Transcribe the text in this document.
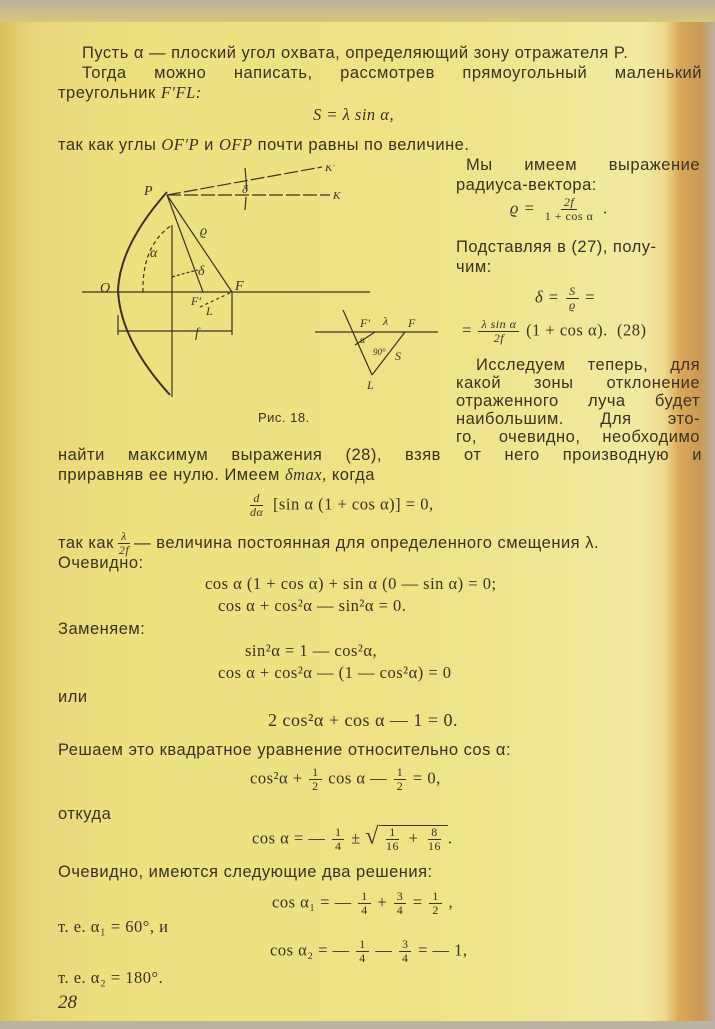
Пусть α — плоский угол охвата, определяющий зону отражателя P.
Тогда можно написать, рассмотрев прямоугольный маленький
треугольник F′FL:
S = λ sin α,
так как углы OF′P и OFP почти равны по величине.
Мы имеем выражение
радиуса-вектора:
$ϱ = \frac{2f}{\text{1 + cos α}}$ .
Подставляя в (27), полу-
чим:
$\delta = \frac{S}{ϱ}$ =
= $\frac{\text{λ sin α}}{2f} (1 + \cos \alpha)$. (28)
Исследуем теперь, для
какой зоны отклонение
отраженного луча будет
наибольшим. Для это-
го, очевидно, необходимо
P
O	F
F′
L
K
K′
δ
ϱ
α
δ
f
F′ λ F
α
90° S
L
Рис. 18.
найти максимум выражения (28), взяв от него производную и
приравняв ее нулю. Имеем δmax, когда
$\frac{d}{d\alpha} [\sin$ α (1 + cos α)] = 0,
так как $\frac{\lambda}{2f}$ — величина постоянная для определенного смещения λ.
Очевидно:
cos α (1 + cos α) + sin α (0 — sin α) = 0;
cos α + cos²α — sin²α = 0.
Заменяем:
sin²α = 1 — cos²α,
cos α + cos²α — (1 — cos²α) = 0
или
2 cos²α + cos α — 1 = 0.
Решаем это квадратное уравнение относительно cos α:
$\cos^2\alpha + \frac{1}{2}$ cos α — $\frac{1}{2} = 0$,
откуда
cos α = — $\frac{1}{4}$ ± √ $\frac{1}{16} + \frac{8}{16}$ .
Очевидно, имеются следующие два решения:
cos α₁ = — $\frac{1}{4} + \frac{3}{4} = \frac{1}{2}$ ,
т. е. α₁ = 60°, и
cos α₂ = — $\frac{1}{4}$ — $\frac{3}{4}$ = — 1,
т. е. α₂ = 180°.
28
